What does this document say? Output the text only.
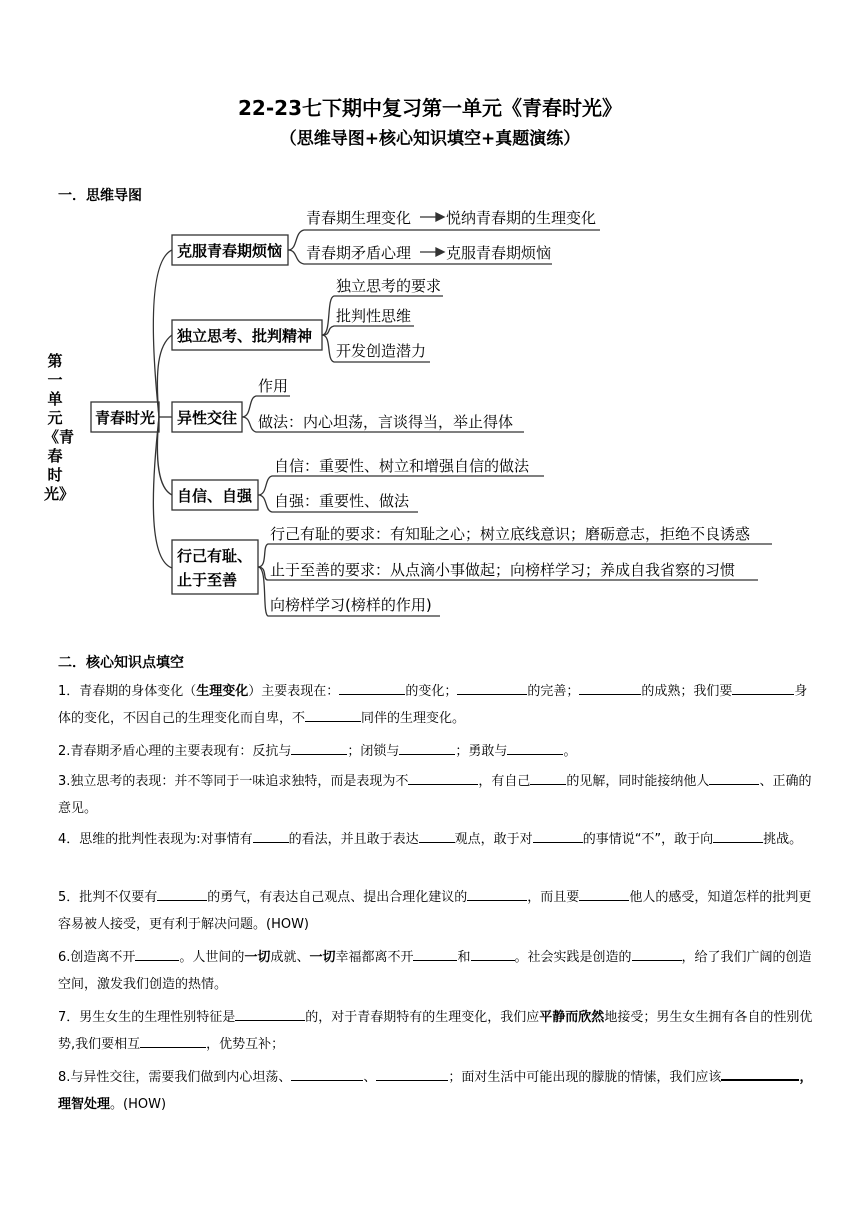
22-23七下期中复习第一单元《青春时光》
（思维导图+核心知识填空+真题演练）
一．思维导图
第一单元《青春时光》
青春时光
克服青春期烦恼
青春期生理变化 悦纳青春期的生理变化
青春期矛盾心理 克服青春期烦恼
独立思考、批判精神
独立思考的要求
批判性思维
开发创造潜力
异性交往
作用
做法：内心坦荡，言谈得当，举止得体
自信、自强
自信：重要性、树立和增强自信的做法
自强：重要性、做法
行己有耻、
止于至善
行己有耻的要求：有知耻之心；树立底线意识；磨砺意志，拒绝不良诱惑
止于至善的要求：从点滴小事做起；向榜样学习；养成自我省察的习惯
向榜样学习(榜样的作用)
二．核心知识点填空

1．青春期的身体变化（生理变化）主要表现在：	的变化；	的完善；	的成熟；我们要	身体的变化，不因自己的生理变化而自卑，不	同伴的生理变化。

2.青春期矛盾心理的主要表现有：反抗与	；闭锁与	；勇敢与	。

3.独立思考的表现：并不等同于一味追求独特，而是表现为不	，有自己	的见解，同时能接纳他人	、正确的意见。

4．思维的批判性表现为:对事情有	的看法，并且敢于表达	观点，敢于对	的事情说“不”，敢于向	挑战。

5．批判不仅要有	的勇气，有表达自己观点、提出合理化建议的	，而且要	他人的感受，知道怎样的批判更容易被人接受，更有利于解决问题。(HOW)

6.创造离不开	。人世间的一切成就、一切幸福都离不开	和	。社会实践是创造的	，给了我们广阔的创造空间，激发我们创造的热情。

7．男生女生的生理性别特征是	的，对于青春期特有的生理变化，我们应平静而欣然地接受；男生女生拥有各自的性别优势,我们要相互	，优势互补；

8.与异性交往，需要我们做到内心坦荡、	、	；面对生活中可能出现的朦胧的情愫，我们应该	，理智处理。(HOW)
